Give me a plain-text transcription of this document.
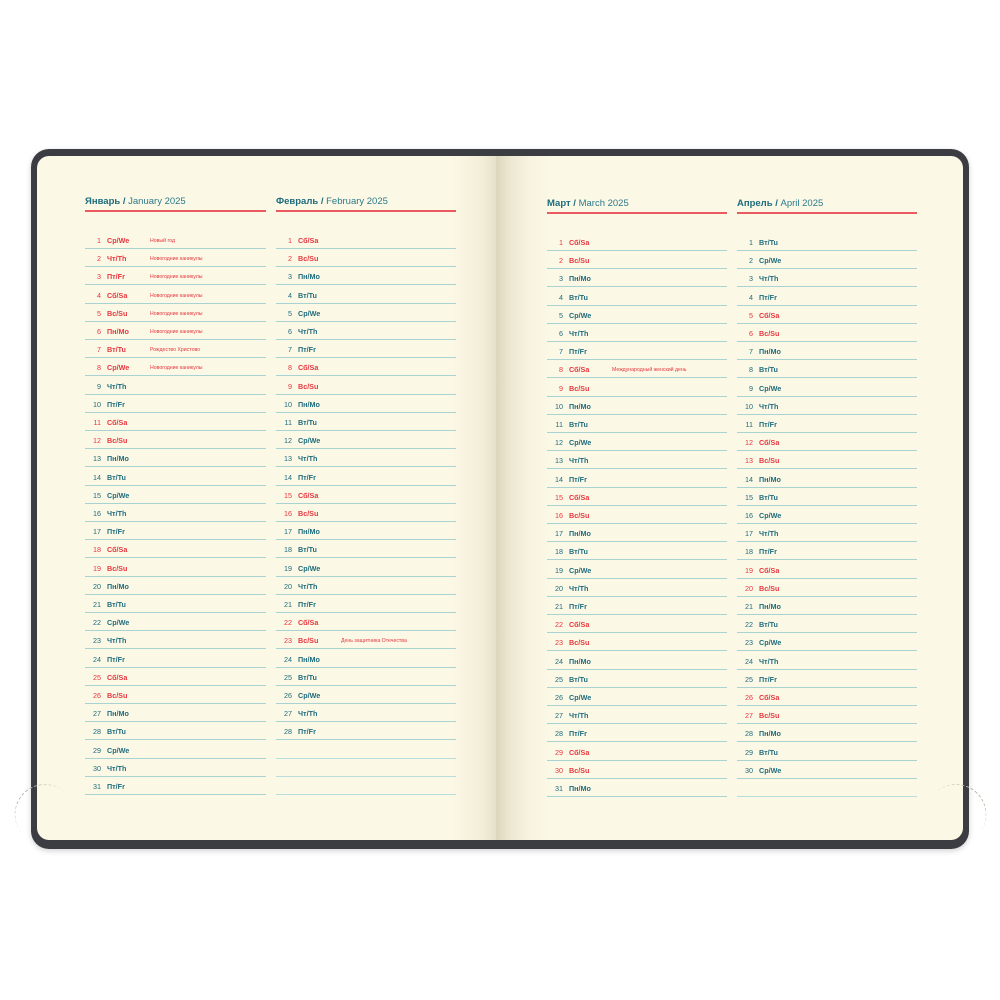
Январь / January 2025
1 Ср/We	Новый год
2 Чт/Th	Новогодние каникулы
3 Пт/Fr	Новогодние каникулы
4 Сб/Sa	Новогодние каникулы
5 Вс/Su	Новогодние каникулы
6 Пн/Mo	Новогодние каникулы
7 Вт/Tu	Рождество Христово
8 Ср/We	Новогодние каникулы
9 Чт/Th
10 Пт/Fr
11 Сб/Sa
12 Вс/Su
13 Пн/Mo
14 Вт/Tu
15 Ср/We
16 Чт/Th
17 Пт/Fr
18 Сб/Sa
19 Вс/Su
20 Пн/Mo
21 Вт/Tu
22 Ср/We
23 Чт/Th
24 Пт/Fr
25 Сб/Sa
26 Вс/Su
27 Пн/Mo
28 Вт/Tu
29 Ср/We
30 Чт/Th
31 Пт/Fr
Февраль / February 2025
1 Сб/Sa
2 Вс/Su
3 Пн/Mo
4 Вт/Tu
5 Ср/We
6 Чт/Th
7 Пт/Fr
8 Сб/Sa
9 Вс/Su
10 Пн/Mo
11 Вт/Tu
12 Ср/We
13 Чт/Th
14 Пт/Fr
15 Сб/Sa
16 Вс/Su
17 Пн/Mo
18 Вт/Tu
19 Ср/We
20 Чт/Th
21 Пт/Fr
22 Сб/Sa
23 Вс/Su	День защитника Отечества
24 Пн/Mo
25 Вт/Tu
26 Ср/We
27 Чт/Th
28 Пт/Fr
Март / March 2025
1 Сб/Sa
2 Вс/Su
3 Пн/Mo
4 Вт/Tu
5 Ср/We
6 Чт/Th
7 Пт/Fr
8 Сб/Sa	Международный женский день
9 Вс/Su
10 Пн/Mo
11 Вт/Tu
12 Ср/We
13 Чт/Th
14 Пт/Fr
15 Сб/Sa
16 Вс/Su
17 Пн/Mo
18 Вт/Tu
19 Ср/We
20 Чт/Th
21 Пт/Fr
22 Сб/Sa
23 Вс/Su
24 Пн/Mo
25 Вт/Tu
26 Ср/We
27 Чт/Th
28 Пт/Fr
29 Сб/Sa
30 Вс/Su
31 Пн/Mo
Апрель / April 2025
1 Вт/Tu
2 Ср/We
3 Чт/Th
4 Пт/Fr
5 Сб/Sa
6 Вс/Su
7 Пн/Mo
8 Вт/Tu
9 Ср/We
10 Чт/Th
11 Пт/Fr
12 Сб/Sa
13 Вс/Su
14 Пн/Mo
15 Вт/Tu
16 Ср/We
17 Чт/Th
18 Пт/Fr
19 Сб/Sa
20 Вс/Su
21 Пн/Mo
22 Вт/Tu
23 Ср/We
24 Чт/Th
25 Пт/Fr
26 Сб/Sa
27 Вс/Su
28 Пн/Mo
29 Вт/Tu
30 Ср/We
